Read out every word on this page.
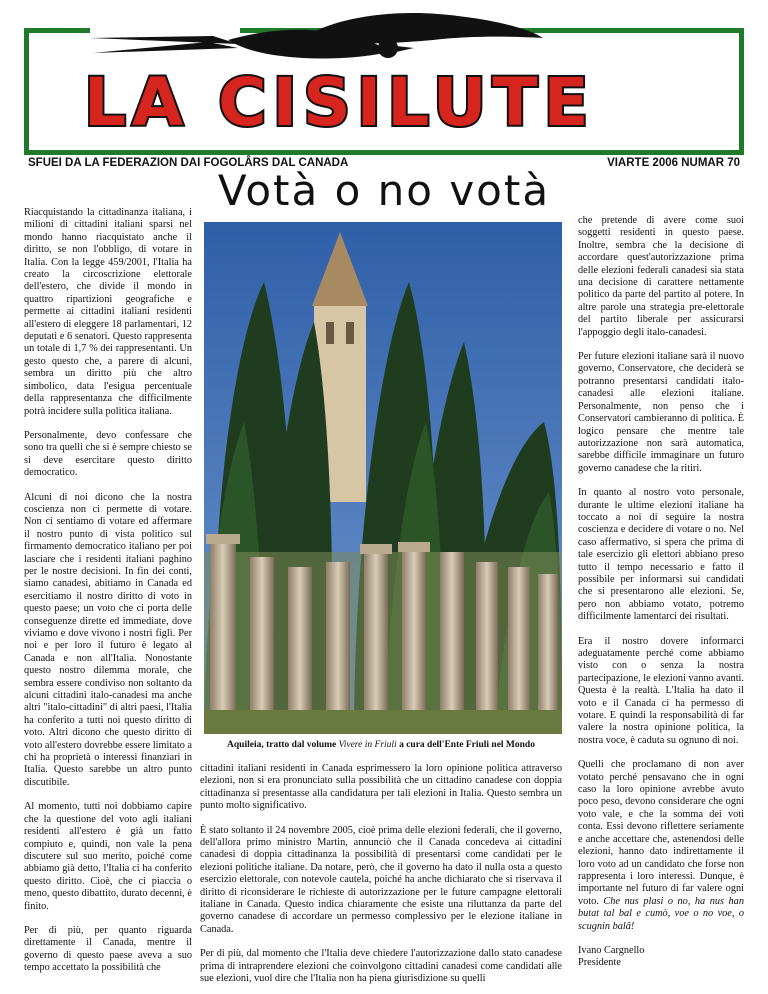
LA CISILUTE
SFUEI DA LA FEDERAZION DAI FOGOLÂRS DAL CANADA	VIARTE 2006 NUMAR 70
Votà o no votà

Riacquistando la cittadinanza italiana, i milioni di cittadini italiani sparsi nel mondo hanno riacquistato anche il diritto, se non l'obbligo, di votare in Italia. Con la legge 459/2001, l'Italia ha creato la circoscrizione elettorale dell'estero, che divide il mondo in quattro ripartizioni geografiche e permette ai cittadini italiani residenti all'estero di eleggere 18 parlamentari, 12 deputati e 6 senatori. Questo rappresenta un totale di 1,7 % dei rappresentanti. Un gesto questo che, a parere di alcuni, sembra un diritto più che altro simbolico, data l'esigua percentuale della rappresentanza che difficilmente potrà incidere sulla politica italiana.

Personalmente, devo confessare che sono tra quelli che si è sempre chiesto se si deve esercitare questo diritto democratico.

Alcuni di noi dicono che la nostra coscienza non ci permette di votare. Non ci sentiamo di votare ed affermare il nostro punto di vista politico sul firmamento democratico italiano per poi lasciare che i residenti italiani paghino per le nostre decisioni. In fin dei conti, siamo canadesi, abitiamo in Canada ed esercitiamo il nostro diritto di voto in questo paese; un voto che ci porta delle conseguenze dirette ed immediate, dove viviamo e dove vivono i nostri figli. Per noi e per loro il futuro è legato al Canada e non all'Italia. Nonostante questo nostro dilemma morale, che sembra essere condiviso non soltanto da alcuni cittadini italo-canadesi ma anche altri "italo-cittadini" di altri paesi, l'Italia ha conferito a tutti noi questo diritto di voto. Altri dicono che questo diritto di voto all'estero dovrebbe essere limitato a chi ha proprietà o interessi finanziari in Italia. Questo sarebbe un altro punto discutibile.

Al momento, tutti noi dobbiamo capire che la questione del voto agli italiani residenti all'estero è già un fatto compiuto e, quindi, non vale la pena discutere sul suo merito, poiché come abbiamo già detto, l'Italia ci ha conferito questo diritto. Cioè, che ci piaccia o meno, questo dibattito, durato decenni, è finito.

Per di più, per quanto riguarda direttamente il Canada, mentre il governo di questo paese aveva a suo tempo accettato la possibilità che

Aquileia, tratto dal volume Vivere in Friuli a cura dell'Ente Friuli nel Mondo

cittadini italiani residenti in Canada esprimessero la loro opinione politica attraverso elezioni, non si era pronunciato sulla possibilità che un cittadino canadese con doppia cittadinanza si presentasse alla candidatura per tali elezioni in Italia. Questo sembra un punto molto significativo.

È stato soltanto il 24 novembre 2005, cioè prima delle elezioni federali, che il governo, dell'allora primo ministro Martin, annunciò che il Canada concedeva ai cittadini canadesi di doppia cittadinanza la possibilità di presentarsi come candidati per le elezioni politiche italiane. Da notare, però, che il governo ha dato il nulla osta a questo esercizio elettorale, con notevole cautela, poiché ha anche dichiarato che si riservava il diritto di riconsiderare le richieste di autorizzazione per le future campagne elettorali italiane in Canada. Questo indica chiaramente che esiste una riluttanza da parte del governo canadese di accordare un permesso complessivo per le elezione italiane in Canada.

Per di più, dal momento che l'Italia deve chiedere l'autorizzazione dallo stato canadese prima di intraprendere elezioni che coinvolgono cittadini canadesi come candidati alle sue elezioni, vuol dire che l'Italia non ha piena giurisdizione su quelli

che pretende di avere come suoi soggetti residenti in questo paese. Inoltre, sembra che la decisione di accordare quest'autorizzazione prima delle elezioni federali canadesi sia stata una decisione di carattere nettamente politico da parte del partito al potere. In altre parole una strategia pre-elettorale del partito liberale per assicurarsi l'appoggio degli italo-canadesi.

Per future elezioni italiane sarà il nuovo governo, Conservatore, che deciderà se potranno presentarsi candidati italo-canadesi alle elezioni italiane. Personalmente, non penso che i Conservatori cambieranno di politica. È logico pensare che mentre tale autorizzazione non sarà automatica, sarebbe difficile immaginare un futuro governo canadese che la ritiri.

In quanto al nostro voto personale, durante le ultime elezioni italiane ha toccato a noi di seguire la nostra coscienza e decidere di votare o no. Nel caso affermativo, si spera che prima di tale esercizio gli elettori abbiano preso tutto il tempo necessario e fatto il possibile per informarsi sui candidati che si presentarono alle elezioni. Se, pero non abbiamo votato, potremo difficilmente lamentarci dei risultati.

Era il nostro dovere informarci adeguatamente perché come abbiamo visto con o senza la nostra partecipazione, le elezioni vanno avanti. Questa è la realtà. L'Italia ha dato il voto e il Canada ci ha permesso di votare. E quindi la responsabilità di far valere la nostra opinione politica, la nostra voce, è caduta su ognuno di noi.

Quelli che proclamano di non aver votato perché pensavano che in ogni caso la loro opinione avrebbe avuto poco peso, devono considerare che ogni voto vale, e che la somma dei voti conta. Essi devono riflettere seriamente e anche accettare che, astenendosi delle elezioni, hanno dato indirettamente il loro voto ad un candidato che forse non rappresenta i loro interessi. Dunque, è importante nel futuro di far valere ogni voto. Che nus plasi o no, ha nus han butat tal bal e cumò, voe o no voe, o scugnin balâ!

Ivano Cargnello
Presidente
